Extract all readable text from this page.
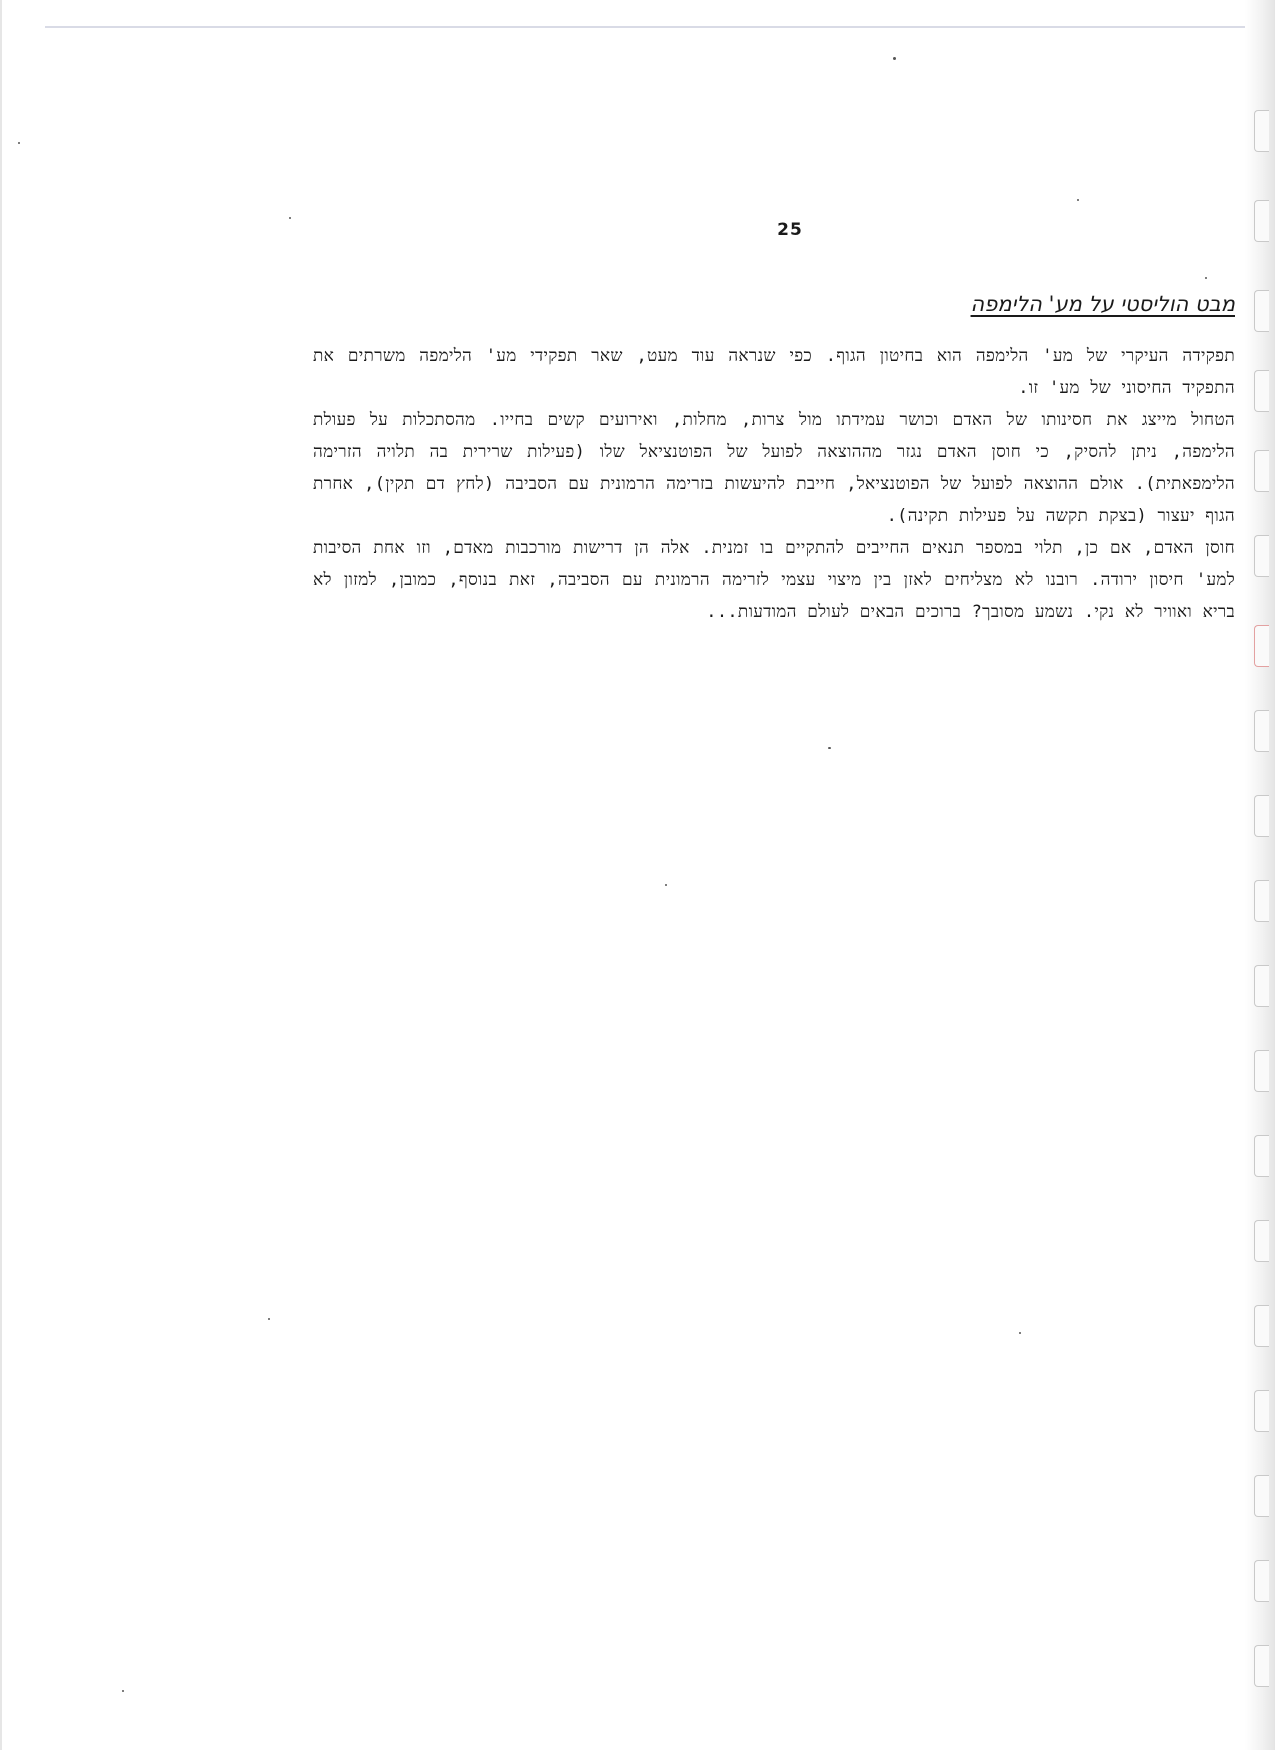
25
מבט הוליסטי על מע' הלימפה

תפקידה העיקרי של מע' הלימפה הוא בחיטון הגוף. כפי שנראה עוד מעט, שאר תפקידי מע' הלימפה משרתים את התפקיד החיסוני של מע' זו.

הטחול מייצג את חסינותו של האדם וכושר עמידתו מול צרות, מחלות, ואירועים קשים בחייו. מהסתכלות על פעולת הלימפה, ניתן להסיק, כי חוסן האדם נגזר מההוצאה לפועל של הפוטנציאל שלו (פעילות שרירית בה תלויה הזרימה הלימפאתית). אולם ההוצאה לפועל של הפוטנציאל, חייבת להיעשות בזרימה הרמונית עם הסביבה (לחץ דם תקין), אחרת הגוף יעצור (בצקת תקשה על פעילות תקינה).

חוסן האדם, אם כן, תלוי במספר תנאים החייבים להתקיים בו זמנית. אלה הן דרישות מורכבות מאדם, וזו אחת הסיבות למע' חיסון ירודה. רובנו לא מצליחים לאזן בין מיצוי עצמי לזרימה הרמונית עם הסביבה, זאת בנוסף, כמובן, למזון לא בריא ואוויר לא נקי. נשמע מסובך? ברוכים הבאים לעולם המודעות...
